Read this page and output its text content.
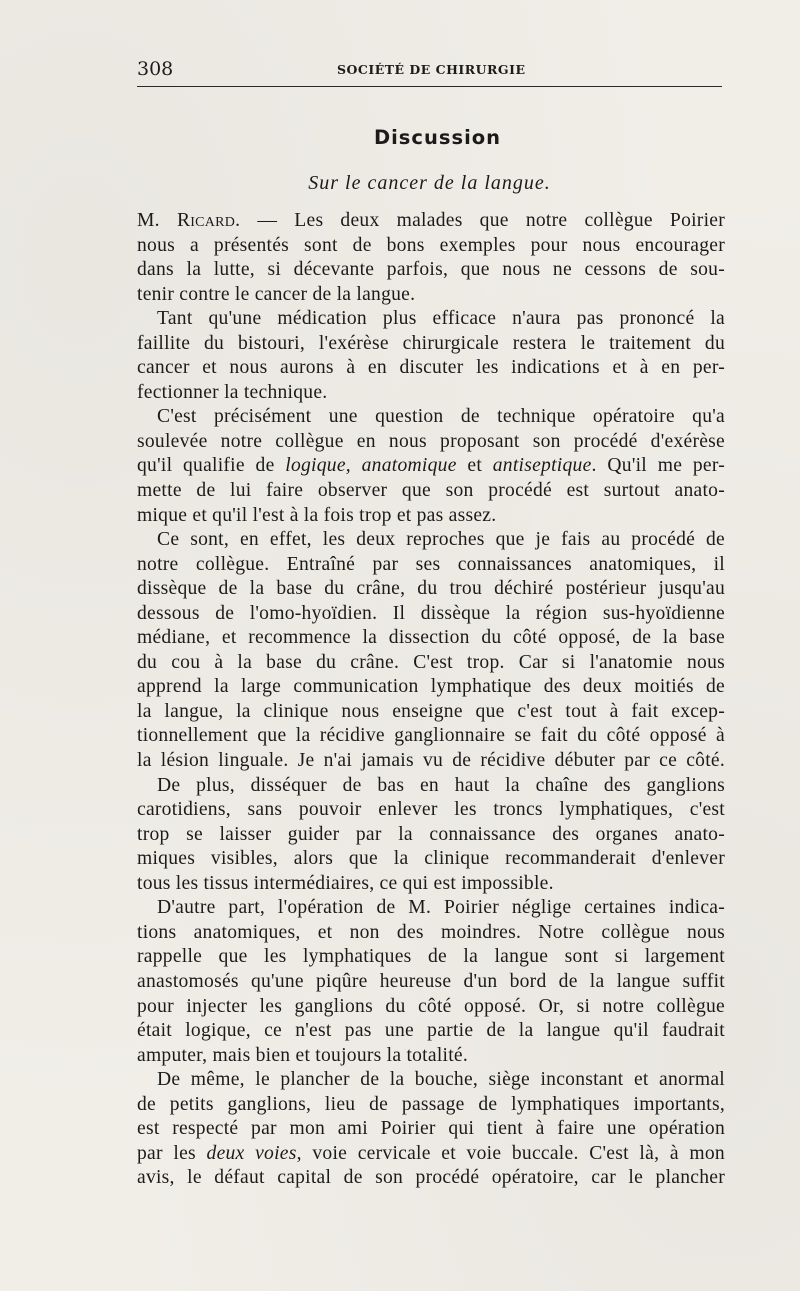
308	SOCIÉTÉ DE CHIRURGIE
Discussion
Sur le cancer de la langue.
M. Ricard. — Les deux malades que notre collègue Poirier
nous a présentés sont de bons exemples pour nous encourager
dans la lutte, si décevante parfois, que nous ne cessons de sou-
tenir contre le cancer de la langue.
Tant qu'une médication plus efficace n'aura pas prononcé la
faillite du bistouri, l'exérèse chirurgicale restera le traitement du
cancer et nous aurons à en discuter les indications et à en per-
fectionner la technique.
C'est précisément une question de technique opératoire qu'a
soulevée notre collègue en nous proposant son procédé d'exérèse
qu'il qualifie de logique, anatomique et antiseptique. Qu'il me per-
mette de lui faire observer que son procédé est surtout anato-
mique et qu'il l'est à la fois trop et pas assez.
Ce sont, en effet, les deux reproches que je fais au procédé de
notre collègue. Entraîné par ses connaissances anatomiques, il
dissèque de la base du crâne, du trou déchiré postérieur jusqu'au
dessous de l'omo-hyoïdien. Il dissèque la région sus-hyoïdienne
médiane, et recommence la dissection du côté opposé, de la base
du cou à la base du crâne. C'est trop. Car si l'anatomie nous
apprend la large communication lymphatique des deux moitiés de
la langue, la clinique nous enseigne que c'est tout à fait excep-
tionnellement que la récidive ganglionnaire se fait du côté opposé à
la lésion linguale. Je n'ai jamais vu de récidive débuter par ce côté.
De plus, disséquer de bas en haut la chaîne des ganglions
carotidiens, sans pouvoir enlever les troncs lymphatiques, c'est
trop se laisser guider par la connaissance des organes anato-
miques visibles, alors que la clinique recommanderait d'enlever
tous les tissus intermédiaires, ce qui est impossible.
D'autre part, l'opération de M. Poirier néglige certaines indica-
tions anatomiques, et non des moindres. Notre collègue nous
rappelle que les lymphatiques de la langue sont si largement
anastomosés qu'une piqûre heureuse d'un bord de la langue suffit
pour injecter les ganglions du côté opposé. Or, si notre collègue
était logique, ce n'est pas une partie de la langue qu'il faudrait
amputer, mais bien et toujours la totalité.
De même, le plancher de la bouche, siège inconstant et anormal
de petits ganglions, lieu de passage de lymphatiques importants,
est respecté par mon ami Poirier qui tient à faire une opération
par les deux voies, voie cervicale et voie buccale. C'est là, à mon
avis, le défaut capital de son procédé opératoire, car le plancher
